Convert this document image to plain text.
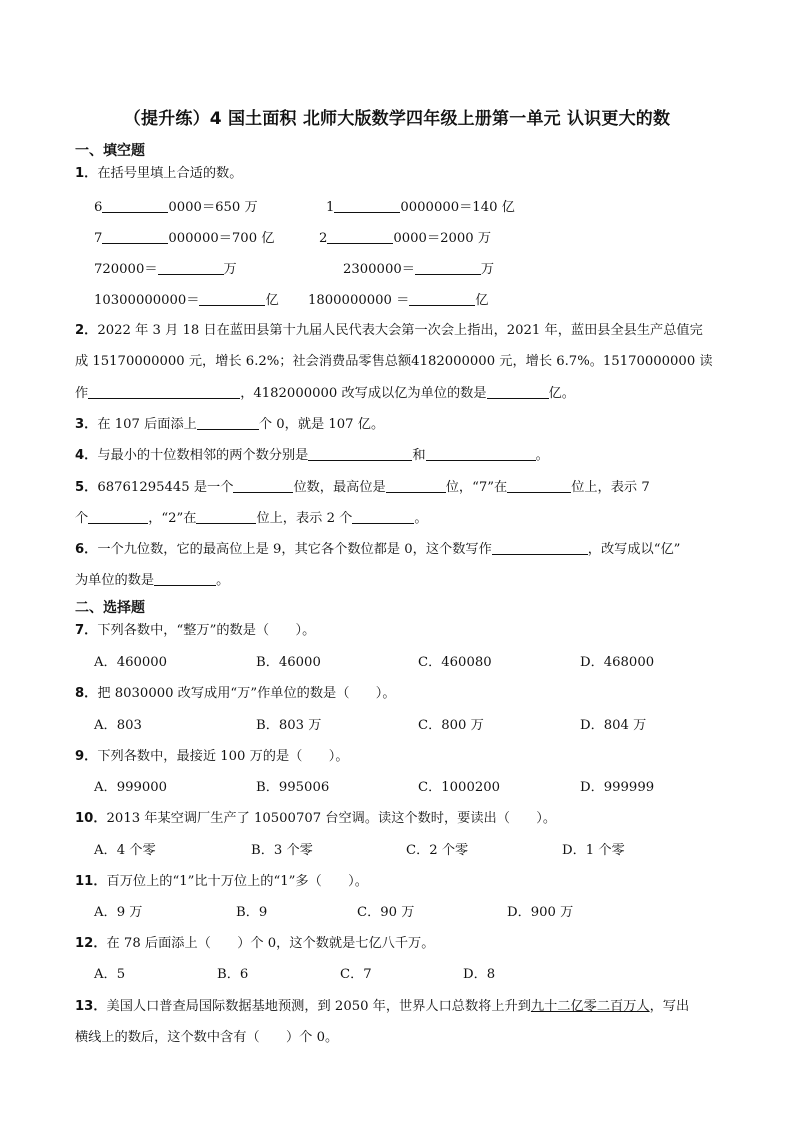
（提升练）4 国土面积 北师大版数学四年级上册第一单元 认识更大的数
一、填空题
1．在括号里填上合适的数。
6	0000＝650 万	1	0000000＝140 亿
7	000000＝700 亿	2	0000＝2000 万
720000＝	万	2300000＝	万
10300000000＝	亿 1800000000 ＝	亿
2．2022 年 3 月 18 日在蓝田县第十九届人民代表大会第一次会上指出，2021 年，蓝田县全县生产总值完
成 15170000000 元，增长 6.2%；社会消费品零售总额4182000000 元，增长 6.7%。15170000000 读
作	，4182000000 改写成以亿为单位的数是	亿。
3．在 107 后面添上	个 0，就是 107 亿。
4．与最小的十位数相邻的两个数分别是	和	。
5．68761295445 是一个	位数，最高位是	位，“7”在	位上，表示 7
个	，“2”在	位上，表示 2 个	。
6．一个九位数，它的最高位上是 9，其它各个数位都是 0，这个数写作	，改写成以“亿”
为单位的数是	。
二、选择题
7．下列各数中，“整万”的数是（　　）。
A．460000	B．46000	C．460080	D．468000
8．把 8030000 改写成用“万”作单位的数是（　　）。
A．803	B．803 万	C．800 万	D．804 万
9．下列各数中，最接近 100 万的是（　　）。
A．999000	B．995006	C．1000200	D．999999
10．2013 年某空调厂生产了 10500707 台空调。读这个数时，要读出（　　）。
A．4 个零	B．3 个零	C．2 个零	D．1 个零
11．百万位上的“1”比十万位上的“1”多（　　）。
A．9 万	B．9	C．90 万	D．900 万
12．在 78 后面添上（　　）个 0，这个数就是七亿八千万。
A．5	B．6	C．7	D．8
13．美国人口普查局国际数据基地预测，到 2050 年，世界人口总数将上升到九十二亿零二百万人，写出
横线上的数后，这个数中含有（　　）个 0。
